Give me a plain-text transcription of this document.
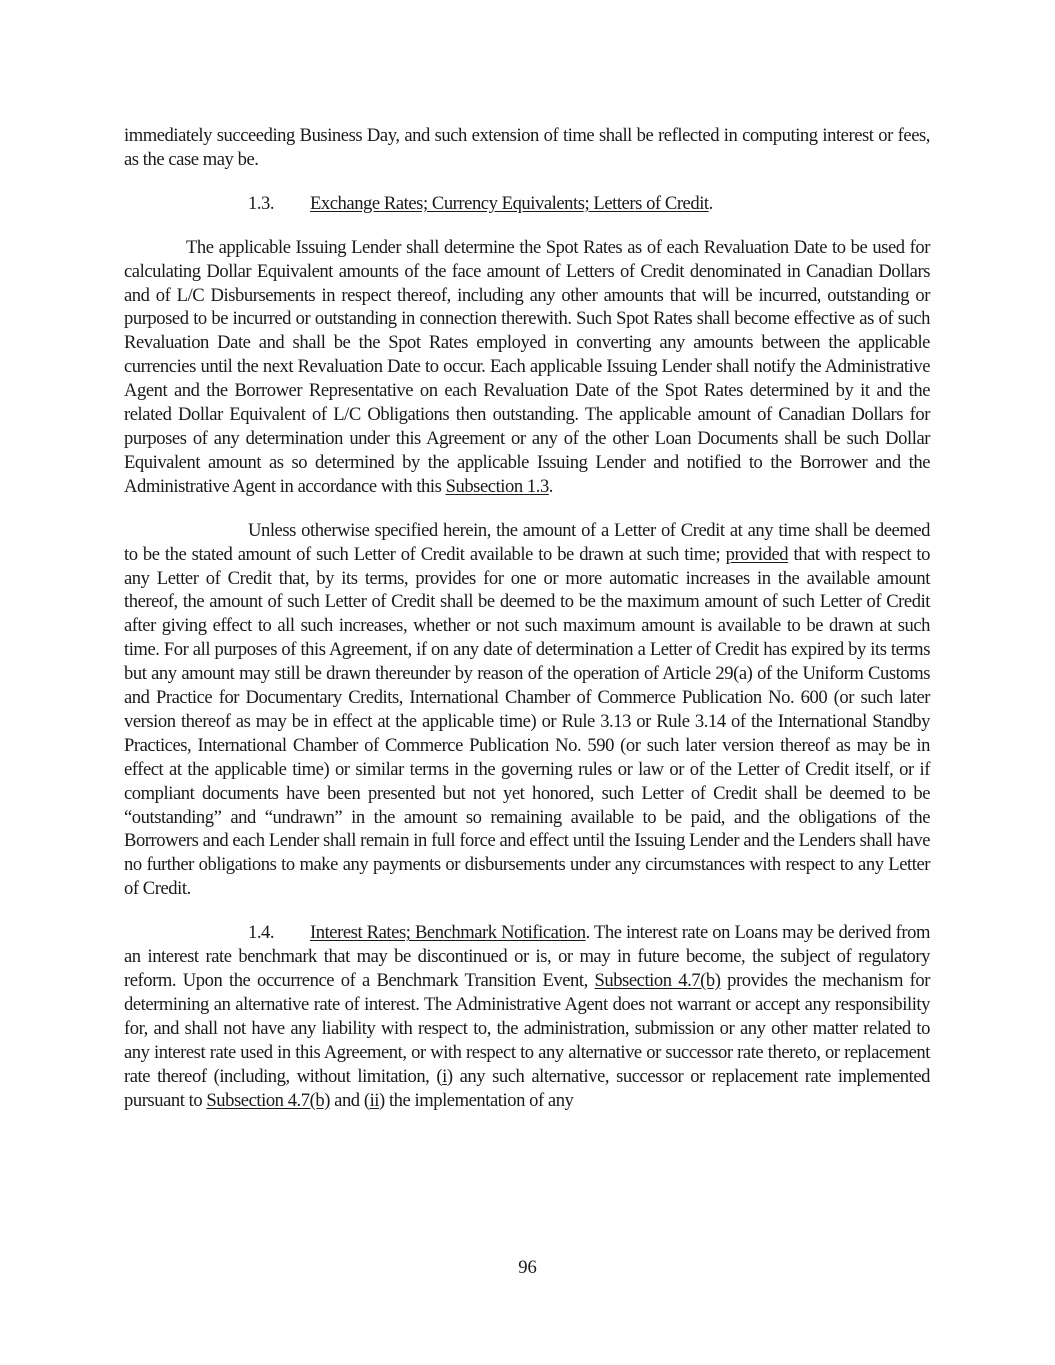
immediately succeeding Business Day, and such extension of time shall be reflected in computing interest or fees, as the case may be.

1.3. Exchange Rates; Currency Equivalents; Letters of Credit.

The applicable Issuing Lender shall determine the Spot Rates as of each Revaluation Date to be used for calculating Dollar Equivalent amounts of the face amount of Letters of Credit denominated in Canadian Dollars and of L/C Disbursements in respect thereof, including any other amounts that will be incurred, outstanding or purposed to be incurred or outstanding in connection therewith. Such Spot Rates shall become effective as of such Revaluation Date and shall be the Spot Rates employed in converting any amounts between the applicable currencies until the next Revaluation Date to occur. Each applicable Issuing Lender shall notify the Administrative Agent and the Borrower Representative on each Revaluation Date of the Spot Rates determined by it and the related Dollar Equivalent of L/C Obligations then outstanding. The applicable amount of Canadian Dollars for purposes of any determination under this Agreement or any of the other Loan Documents shall be such Dollar Equivalent amount as so determined by the applicable Issuing Lender and notified to the Borrower and the Administrative Agent in accordance with this Subsection 1.3.

Unless otherwise specified herein, the amount of a Letter of Credit at any time shall be deemed to be the stated amount of such Letter of Credit available to be drawn at such time; provided that with respect to any Letter of Credit that, by its terms, provides for one or more automatic increases in the available amount thereof, the amount of such Letter of Credit shall be deemed to be the maximum amount of such Letter of Credit after giving effect to all such increases, whether or not such maximum amount is available to be drawn at such time. For all purposes of this Agreement, if on any date of determination a Letter of Credit has expired by its terms but any amount may still be drawn thereunder by reason of the operation of Article 29(a) of the Uniform Customs and Practice for Documentary Credits, International Chamber of Commerce Publication No. 600 (or such later version thereof as may be in effect at the applicable time) or Rule 3.13 or Rule 3.14 of the International Standby Practices, International Chamber of Commerce Publication No. 590 (or such later version thereof as may be in effect at the applicable time) or similar terms in the governing rules or law or of the Letter of Credit itself, or if compliant documents have been presented but not yet honored, such Letter of Credit shall be deemed to be “outstanding” and “undrawn” in the amount so remaining available to be paid, and the obligations of the Borrowers and each Lender shall remain in full force and effect until the Issuing Lender and the Lenders shall have no further obligations to make any payments or disbursements under any circumstances with respect to any Letter of Credit.

1.4. Interest Rates; Benchmark Notification. The interest rate on Loans may be derived from an interest rate benchmark that may be discontinued or is, or may in future become, the subject of regulatory reform. Upon the occurrence of a Benchmark Transition Event, Subsection 4.7(b) provides the mechanism for determining an alternative rate of interest. The Administrative Agent does not warrant or accept any responsibility for, and shall not have any liability with respect to, the administration, submission or any other matter related to any interest rate used in this Agreement, or with respect to any alternative or successor rate thereto, or replacement rate thereof (including, without limitation, (i) any such alternative, successor or replacement rate implemented pursuant to Subsection 4.7(b) and (ii) the implementation of any

96
